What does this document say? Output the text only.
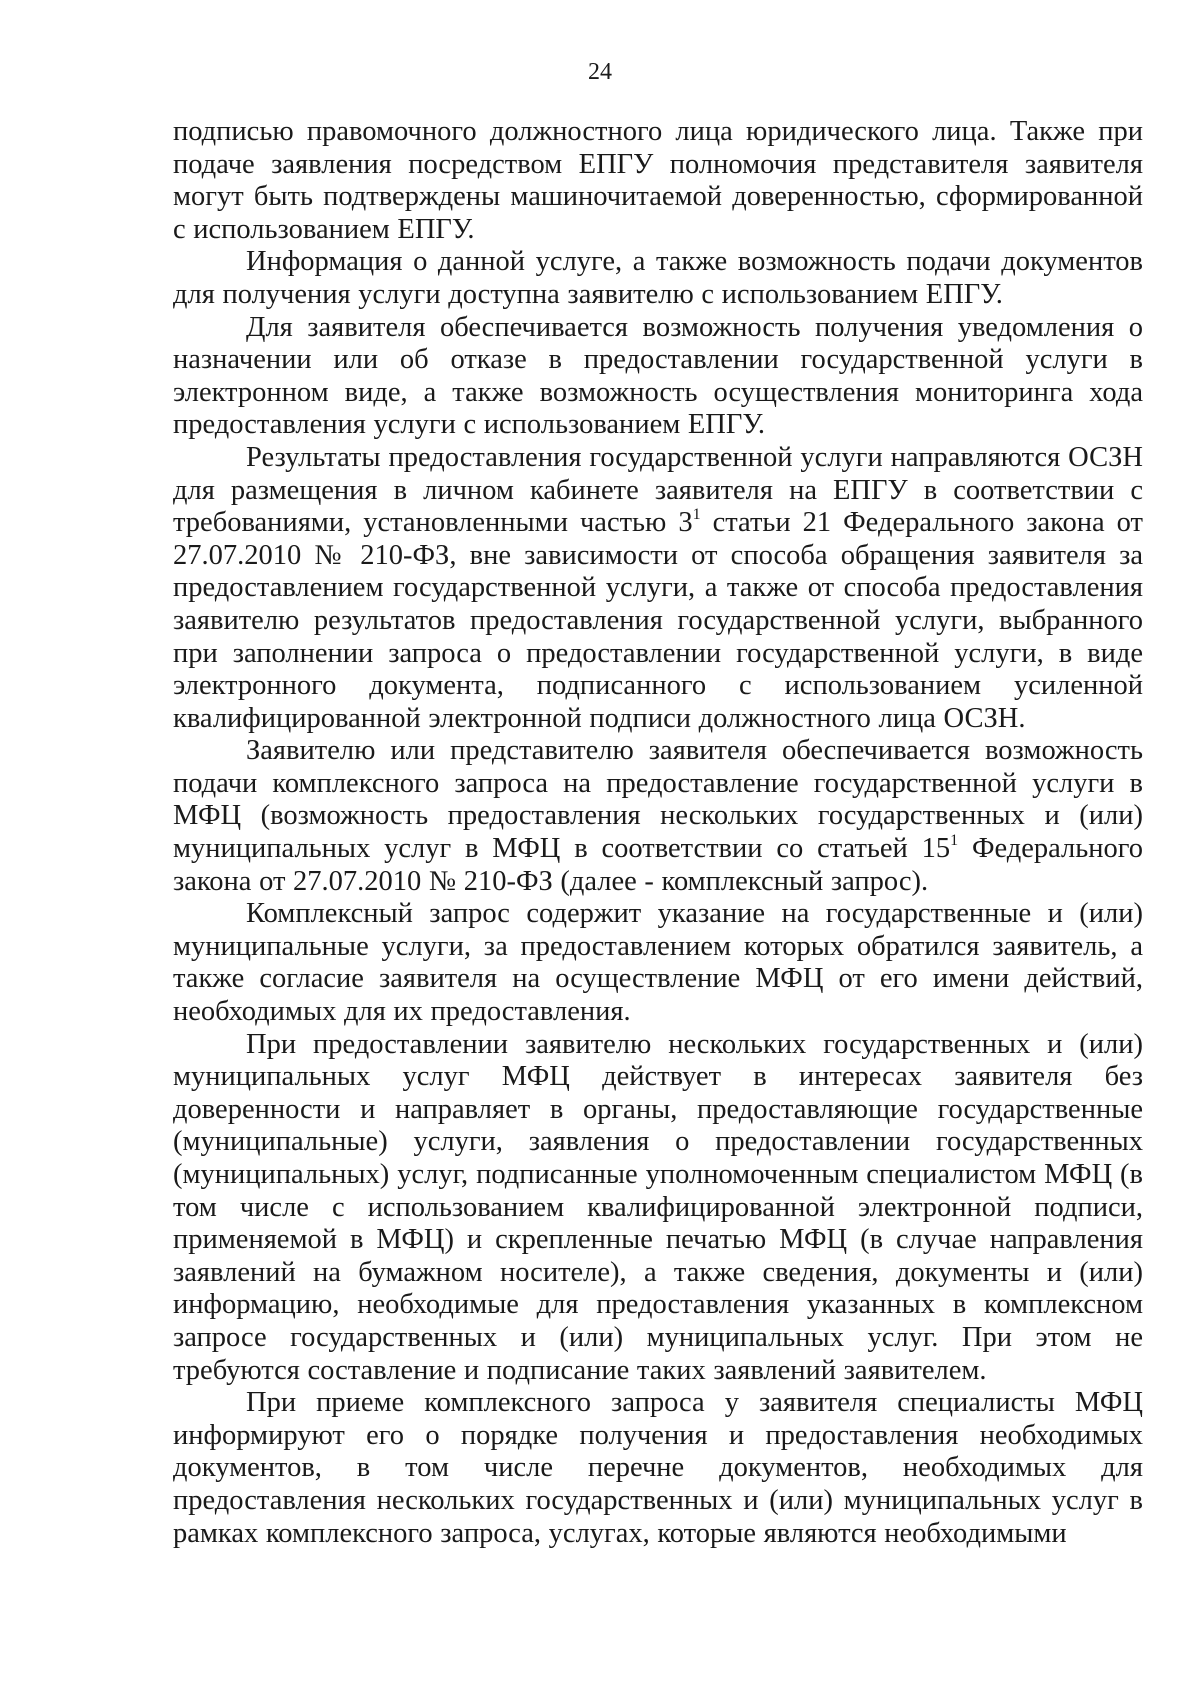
24

подписью правомочного должностного лица юридического лица. Также при подаче заявления посредством ЕПГУ полномочия представителя заявителя могут быть подтверждены машиночитаемой доверенностью, сформированной с использованием ЕПГУ.

Информация о данной услуге, а также возможность подачи документов для получения услуги доступна заявителю с использованием ЕПГУ.

Для заявителя обеспечивается возможность получения уведомления о назначении или об отказе в предоставлении государственной услуги в электронном виде, а также возможность осуществления мониторинга хода предоставления услуги с использованием ЕПГУ.

Результаты предоставления государственной услуги направляются ОСЗН для размещения в личном кабинете заявителя на ЕПГУ в соответствии с требованиями, установленными частью $3^1$ статьи 21 Федерального закона от 27.07.2010 № 210-ФЗ, вне зависимости от способа обращения заявителя за предоставлением государственной услуги, а также от способа предоставления заявителю результатов предоставления государственной услуги, выбранного при заполнении запроса о предоставлении государственной услуги, в виде электронного документа, подписанного с использованием усиленной квалифицированной электронной подписи должностного лица ОСЗН.

Заявителю или представителю заявителя обеспечивается возможность подачи комплексного запроса на предоставление государственной услуги в МФЦ (возможность предоставления нескольких государственных и (или) муниципальных услуг в МФЦ в соответствии со статьей $15^1$ Федерального закона от 27.07.2010 № 210-ФЗ (далее - комплексный запрос).

Комплексный запрос содержит указание на государственные и (или) муниципальные услуги, за предоставлением которых обратился заявитель, а также согласие заявителя на осуществление МФЦ от его имени действий, необходимых для их предоставления.

При предоставлении заявителю нескольких государственных и (или) муниципальных услуг МФЦ действует в интересах заявителя без доверенности и направляет в органы, предоставляющие государственные (муниципальные) услуги, заявления о предоставлении государственных (муниципальных) услуг, подписанные уполномоченным специалистом МФЦ (в том числе с использованием квалифицированной электронной подписи, применяемой в МФЦ) и скрепленные печатью МФЦ (в случае направления заявлений на бумажном носителе), а также сведения, документы и (или) информацию, необходимые для предоставления указанных в комплексном запросе государственных и (или) муниципальных услуг. При этом не требуются составление и подписание таких заявлений заявителем.

При приеме комплексного запроса у заявителя специалисты МФЦ информируют его о порядке получения и предоставления необходимых документов, в том числе перечне документов, необходимых для предоставления нескольких государственных и (или) муниципальных услуг в рамках комплексного запроса, услугах, которые являются необходимыми
